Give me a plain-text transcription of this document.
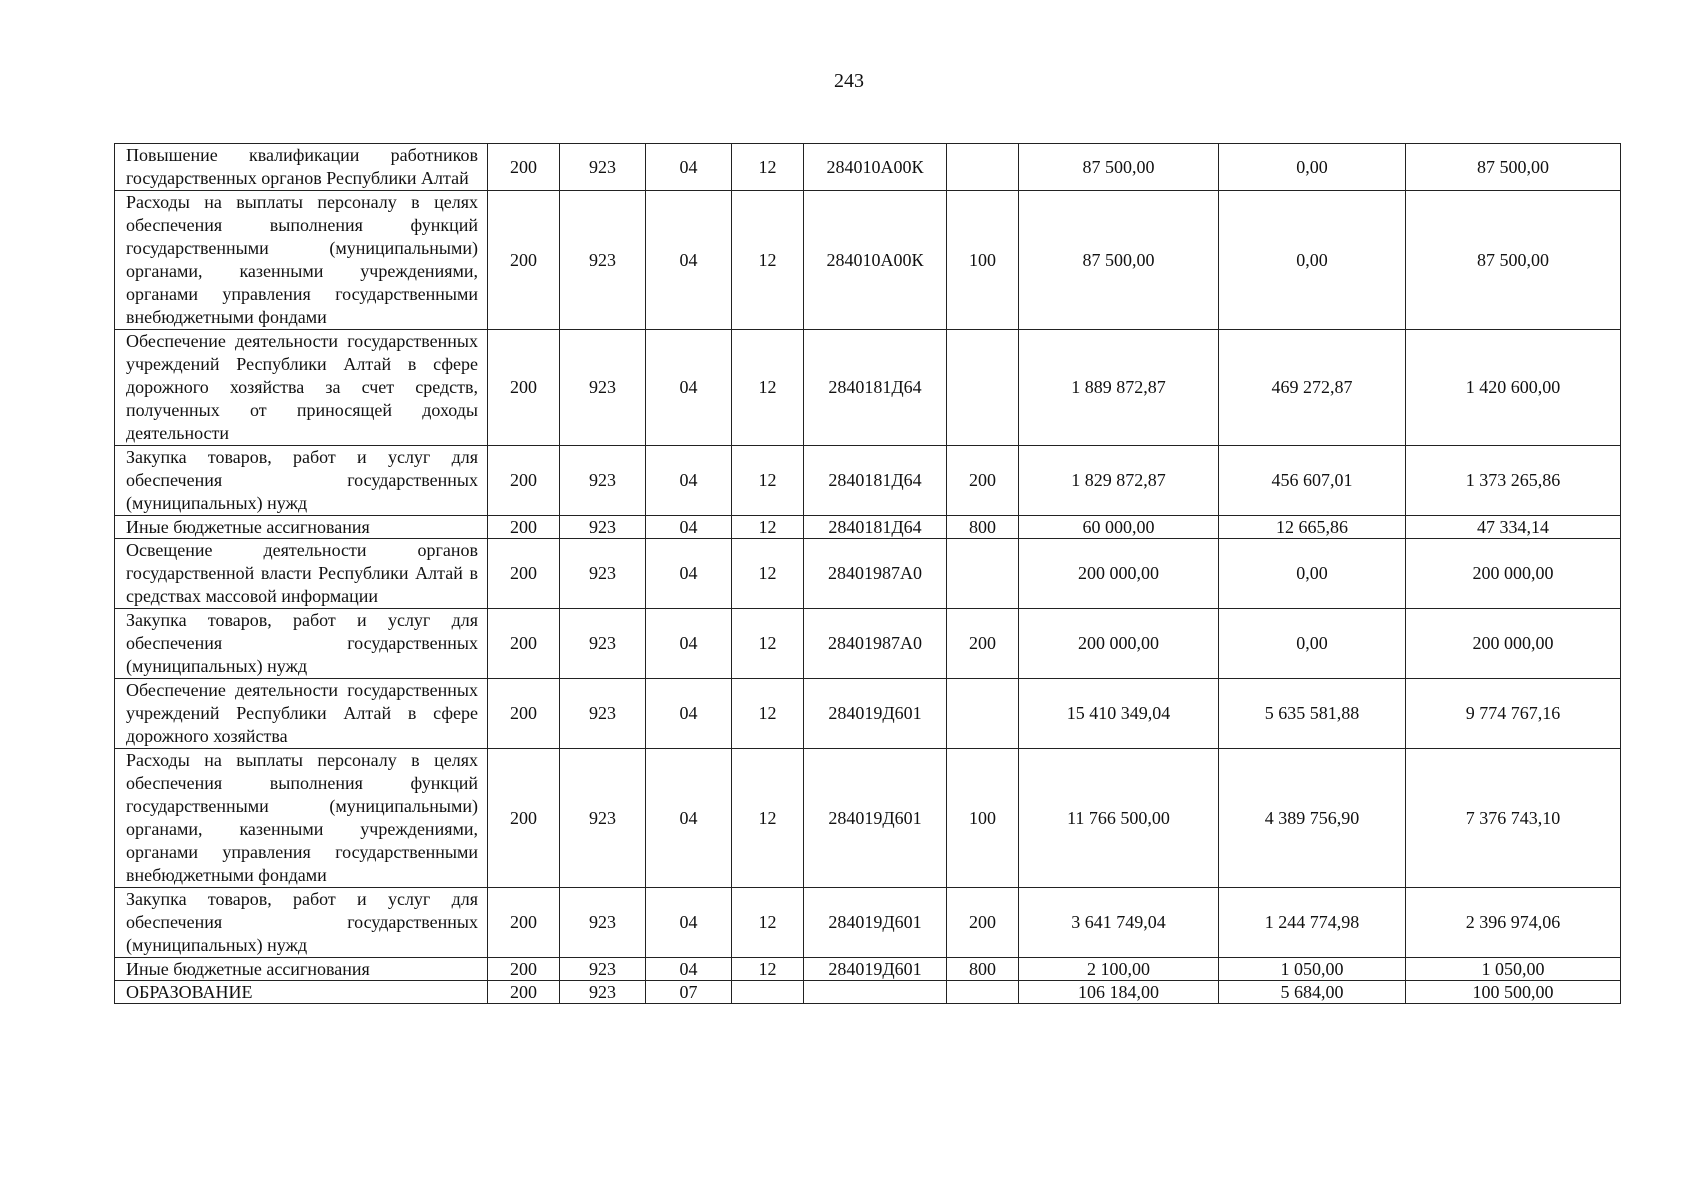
243
Повышение квалификации работников государственных органов Республики Алтай	200	923	04	12	284010А00К		87 500,00	0,00	87 500,00
Расходы на выплаты персоналу в целях обеспечения выполнения функций государственными (муниципальными) органами, казенными учреждениями, органами управления государственными внебюджетными фондами	200	923	04	12	284010А00К	100	87 500,00	0,00	87 500,00
Обеспечение деятельности государственных учреждений Республики Алтай в сфере дорожного хозяйства за счет средств, полученных от приносящей доходы деятельности	200	923	04	12	2840181Д64		1 889 872,87	469 272,87	1 420 600,00
Закупка товаров, работ и услуг для обеспечения государственных (муниципальных) нужд	200	923	04	12	2840181Д64	200	1 829 872,87	456 607,01	1 373 265,86
Иные бюджетные ассигнования	200	923	04	12	2840181Д64	800	60 000,00	12 665,86	47 334,14
Освещение деятельности органов государственной власти Республики Алтай в средствах массовой информации	200	923	04	12	28401987А0		200 000,00	0,00	200 000,00
Закупка товаров, работ и услуг для обеспечения государственных (муниципальных) нужд	200	923	04	12	28401987А0	200	200 000,00	0,00	200 000,00
Обеспечение деятельности государственных учреждений Республики Алтай в сфере дорожного хозяйства	200	923	04	12	284019Д601		15 410 349,04	5 635 581,88	9 774 767,16
Расходы на выплаты персоналу в целях обеспечения выполнения функций государственными (муниципальными) органами, казенными учреждениями, органами управления государственными внебюджетными фондами	200	923	04	12	284019Д601	100	11 766 500,00	4 389 756,90	7 376 743,10
Закупка товаров, работ и услуг для обеспечения государственных (муниципальных) нужд	200	923	04	12	284019Д601	200	3 641 749,04	1 244 774,98	2 396 974,06
Иные бюджетные ассигнования	200	923	04	12	284019Д601	800	2 100,00	1 050,00	1 050,00
ОБРАЗОВАНИЕ	200	923	07				106 184,00	5 684,00	100 500,00
